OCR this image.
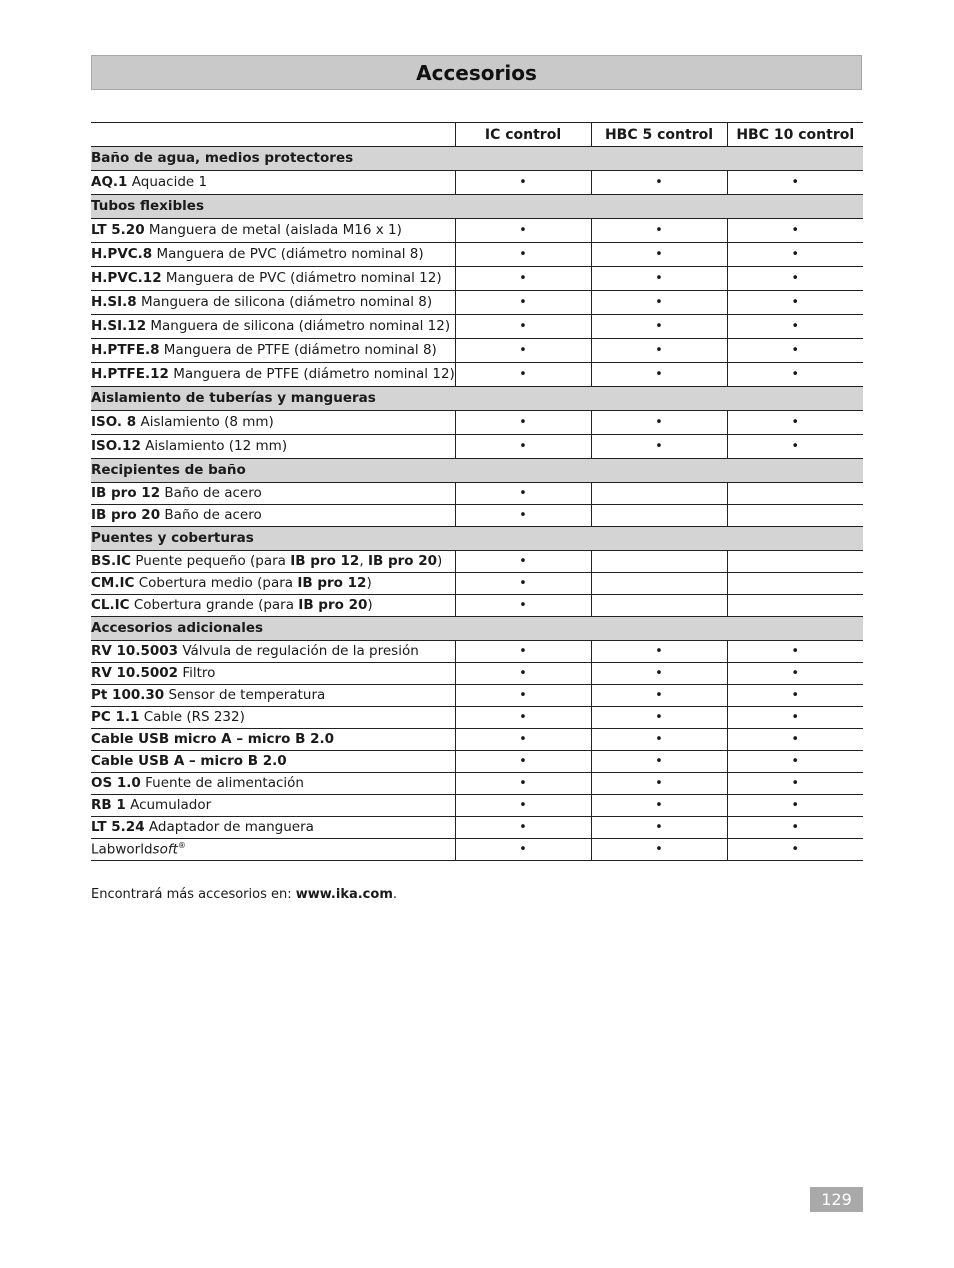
Accesorios
	IC control	HBC 5 control	HBC 10 control
Baño de agua, medios protectores			
AQ.1 Aquacide 1	•	•	•
Tubos flexibles			
LT 5.20 Manguera de metal (aislada M16 x 1)	•	•	•
H.PVC.8 Manguera de PVC (diámetro nominal 8)	•	•	•
H.PVC.12 Manguera de PVC (diámetro nominal 12)	•	•	•
H.SI.8 Manguera de silicona (diámetro nominal 8)	•	•	•
H.SI.12 Manguera de silicona (diámetro nominal 12)	•	•	•
H.PTFE.8 Manguera de PTFE (diámetro nominal 8)	•	•	•
H.PTFE.12 Manguera de PTFE (diámetro nominal 12)	•	•	•
Aislamiento de tuberías y mangueras			
ISO. 8 Aislamiento (8 mm)	•	•	•
ISO.12 Aislamiento (12 mm)	•	•	•
Recipientes de baño			
IB pro 12 Baño de acero	•		
IB pro 20 Baño de acero	•		
Puentes y coberturas			
BS.IC Puente pequeño (para IB pro 12, IB pro 20)	•		
CM.IC Cobertura medio (para IB pro 12)	•		
CL.IC Cobertura grande (para IB pro 20)	•		
Accesorios adicionales			
RV 10.5003 Válvula de regulación de la presión	•	•	•
RV 10.5002 Filtro	•	•	•
Pt 100.30 Sensor de temperatura	•	•	•
PC 1.1 Cable (RS 232)	•	•	•
Cable USB micro A – micro B 2.0	•	•	•
Cable USB A – micro B 2.0	•	•	•
OS 1.0 Fuente de alimentación	•	•	•
RB 1 Acumulador	•	•	•
LT 5.24 Adaptador de manguera	•	•	•
Labworldsoft®	•	•	•
Encontrará más accesorios en: www.ika.com.
129
